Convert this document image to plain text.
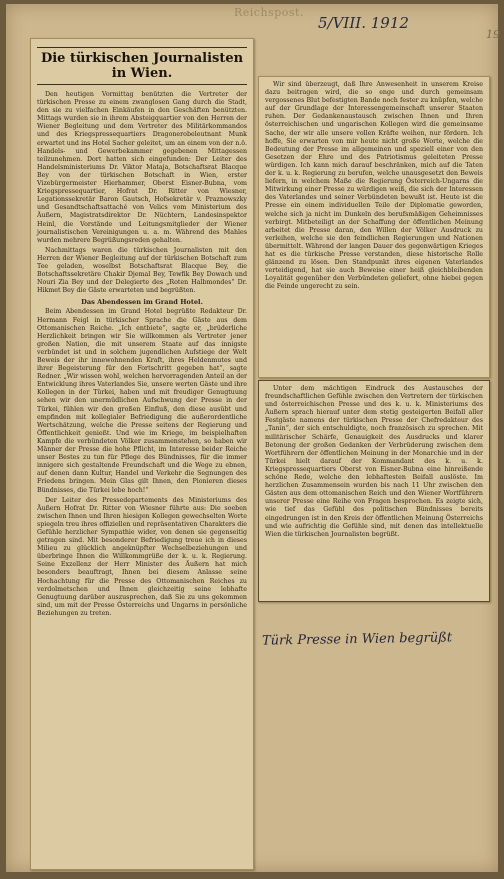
Reichspost.
5/VIII. 1912
19
Die türkischen Journalisten in Wien.

Den heutigen Vormittag benützten die Vertreter der türkischen Presse zu einem zwanglosen Gang durch die Stadt, den sie zu vielfachen Einkäufen in den Geschäften benützten. Mittags wurden sie in ihrem Absteigquartier von den Herren der Wiener Begleitung und dem Vertreter des Militärkommandos und des Kriegspressequartiers Dragonerobeleutnant Munk erwartet und ins Hotel Sacher geleitet, um an einem von der n.ö. Handels- und Gewerbekammer gegebenen Mittagessen teilzunehmen. Dort hatten sich eingefunden: Der Leiter des Handelsministeriums Dr. Viktor Mataja, Botschaftsrat Blacque Bey von der türkischen Botschaft in Wien, erster Vizebürgermeister Hierhammer, Oberst Eisner-Bubna, vom Kriegspressequartier, Hofrat Dr. Ritter von Wiesner, Legationssekretär Baron Gautsch, Hofsekretär v. Praznowszky und Gesandtschaftsattaché von Velics vom Ministerium des Äußern, Magistratsdirektor Dr. Nüchtern, Landesinspektor Heinl, die Vorstände und Leitungsmitglieder der Wiener journalistischen Vereinigungen u. a. m. Während des Mahles wurden mehrere Begrüßungsreden gehalten.

Nachmittags waren die türkischen Journalisten mit den Herren der Wiener Begleitung auf der türkischen Botschaft zum Tee geladen, woselbst Botschaftsrat Blacque Bey, die Botschaftssekretäre Chakir Djemal Bey, Tewfik Bey Dowach und Nouri Zia Bey und der Delegierte des „Roten Halbmondes“ Dr. Hikmet Bey die Gäste erwarteten und begrüßten.

Das Abendessen im Grand Hotel.

Beim Abendessen im Grand Hotel begrüßte Redakteur Dr. Hermann Feigl in türkischer Sprache die Gäste aus dem Ottomanischen Reiche. „Ich entbiete“, sagte er, „brüderliche Herzlichkeit bringen wir Sie willkommen als Vertreter jener großen Nation, die mit unserem Staate auf das innigste verbündet ist und in solchem jugendlichen Aufstiege der Welt Beweis der ihr innewohnenden Kraft, ihres Heldenmutes und ihrer Begeisterung für den Fortschritt gegeben hat“, sagte Redner. „Wir wissen wohl, welchen hervorragenden Anteil an der Entwicklung ihres Vaterlandes Sie, unsere werten Gäste und ihre Kollegen in der Türkei, haben und mit freudiger Genugtuung sehen wir den unermüdlichen Aufschwung der Presse in der Türkei, fühlen wir den großen Einfluß, den diese ausübt und empfinden mit kollegialer Befriedigung die außerordentliche Wertschätzung, welche die Presse seitens der Regierung und Öffentlichkeit genießt. Und wie im Kriege, im beispielhaften Kampfe die verbündeten Völker zusammenstehen, so haben wir Männer der Presse die hohe Pflicht, im Interesse beider Reiche unser Bestes zu tun für Pflege des Bündnisses, für die immer innigere sich gestaltende Freundschaft und die Wege zu ebnen, auf denen dann Kultur, Handel und Verkehr die Segnungen des Friedens bringen. Mein Glas gilt Ihnen, den Pionieren dieses Bündnisses, die Türkei lebe hoch!“

Der Leiter des Pressedepartements des Ministeriums des Äußern Hofrat Dr. Ritter von Wiesner führte aus: Die soeben zwischen Ihnen und Ihren hiesigen Kollegen gewechselten Worte spiegeln treu ihres offiziellen und repräsentativen Charakters die Gefühle herzlicher Sympathie wider, von denen sie gegenseitig getragen sind. Mit besonderer Befriedigung treue ich in dieses Milieu zu glücklich angeknüpfter Wechselbeziehungen und überbringe Ihnen die Willkommgrüße der k. u. k. Regierung. Seine Exzellenz der Herr Minister des Äußern hat mich besonders beauftragt, Ihnen bei diesem Anlasse seine Hochachtung für die Presse des Ottomanischen Reiches zu verdolmetschen und Ihnen gleichzeitig seine lebhafte Genugtuung darüber auszusprechen, daß Sie zu uns gekommen sind, um mit der Presse Österreichs und Ungarns in persönliche Beziehungen zu treten.

Wir sind überzeugt, daß Ihre Anwesenheit in unserem Kreise dazu beitragen wird, die so enge und durch gemeinsam vergossenes Blut befestigten Bande noch fester zu knüpfen, welche auf der Grundlage der Interessengemeinschaft unserer Staaten ruhen. Der Gedankenaustausch zwischen Ihnen und Ihren österreichischen und ungarischen Kollegen wird die gemeinsame Sache, der wir alle unsere vollen Kräfte weihen, nur fördern. Ich hoffe, Sie erwarten von mir heute nicht große Worte, welche die Bedeutung der Presse im allgemeinen und speziell einer von den Gesetzen der Ehre und des Patriotismus geleiteten Presse würdigen. Ich kann mich darauf beschränken, mich auf die Taten der k. u. k. Regierung zu berufen, welche unausgesetzt den Beweis liefern, in welchem Maße die Regierung Österreich-Ungarns die Mitwirkung einer Presse zu würdigen weiß, die sich der Interessen des Vaterlandes und seiner Verbündeten bewußt ist. Heute ist die Presse ein einem individuellen Teile der Diplomatie geworden, welche sich ja nicht im Dunkeln des berufsmäßigen Geheimnisses verbirgt. Mitbeteiligt an der Schaffung der öffentlichen Meinung arbeitet die Presse daran, den Willen der Völker Ausdruck zu verleihen, welche sie den feindlichen Regierungen und Nationen übermittelt. Während der langen Dauer des gegenwärtigen Krieges hat es die türkische Presse verstanden, diese historische Rolle glänzend zu lösen. Den Standpunkt ihres eigenen Vaterlandes verteidigend, hat sie auch Beweise einer heiß gleichbleibenden Loyalität gegenüber den Verbündeten geliefert, ohne hiebei gegen die Feinde ungerecht zu sein.

Unter dem mächtigen Eindruck des Austausches der freundschaftlichen Gefühle zwischen den Vertretern der türkischen und österreichischen Presse und des k. u. k. Ministeriums des Äußern sprach hierauf unter dem stetig gesteigerten Beifall aller Festgäste namens der türkischen Presse der Chefredakteur des „Tanin“, der sich entschuldigte, noch französisch zu sprechen. Mit militärischer Schärfe, Genauigkeit des Ausdrucks und klarer Betonung der großen Gedanken der Verbrüderung zwischen dem Wortführern der öffentlichen Meinung in der Monarchie und in der Türkei hielt darauf der Kommandant des k. u. k. Kriegspressequartiers Oberst von Eisner-Bubna eine hinreißende schöne Rede, welche den lebhaftesten Beifall auslöste. Im herzlichen Zusammensein wurden bis nach 11 Uhr zwischen den Gästen aus dem ottomanischen Reich und den Wiener Wortführern unserer Presse eine Reihe von Fragen besprochen. Es zeigte sich, wie tief das Gefühl des politischen Bündnisses bereits eingedrungen ist in den Kreis der öffentlichen Meinung Österreichs und wie aufrichtig die Gefühle sind, mit denen das intellektuelle Wien die türkischen Journalisten begrüßt.

Türk Presse in Wien begrüßt
